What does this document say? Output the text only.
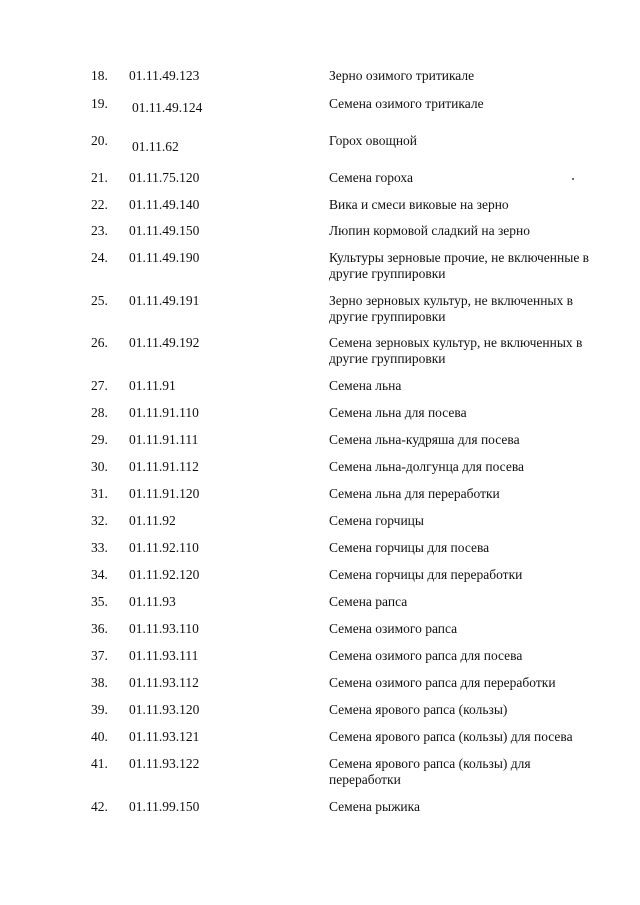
18.	01.11.49.123	Зерно озимого тритикале
19.	01.11.49.124	Семена озимого тритикале
20.	01.11.62	Горох овощной
21.	01.11.75.120	Семена гороха
22.	01.11.49.140	Вика и смеси виковые на зерно
23.	01.11.49.150	Люпин кормовой сладкий на зерно
24.	01.11.49.190	Культуры зерновые прочие, не включенные в другие группировки
25.	01.11.49.191	Зерно зерновых культур, не включенных в другие группировки
26.	01.11.49.192	Семена зерновых культур, не включенных в другие группировки
27.	01.11.91	Семена льна
28.	01.11.91.110	Семена льна для посева
29.	01.11.91.111	Семена льна-кудряша для посева
30.	01.11.91.112	Семена льна-долгунца для посева
31.	01.11.91.120	Семена льна для переработки
32.	01.11.92	Семена горчицы
33.	01.11.92.110	Семена горчицы для посева
34.	01.11.92.120	Семена горчицы для переработки
35.	01.11.93	Семена рапса
36.	01.11.93.110	Семена озимого рапса
37.	01.11.93.111	Семена озимого рапса для посева
38.	01.11.93.112	Семена озимого рапса для переработки
39.	01.11.93.120	Семена ярового рапса (кользы)
40.	01.11.93.121	Семена ярового рапса (кользы) для посева
41.	01.11.93.122	Семена ярового рапса (кользы) для переработки
42.	01.11.99.150	Семена рыжика
